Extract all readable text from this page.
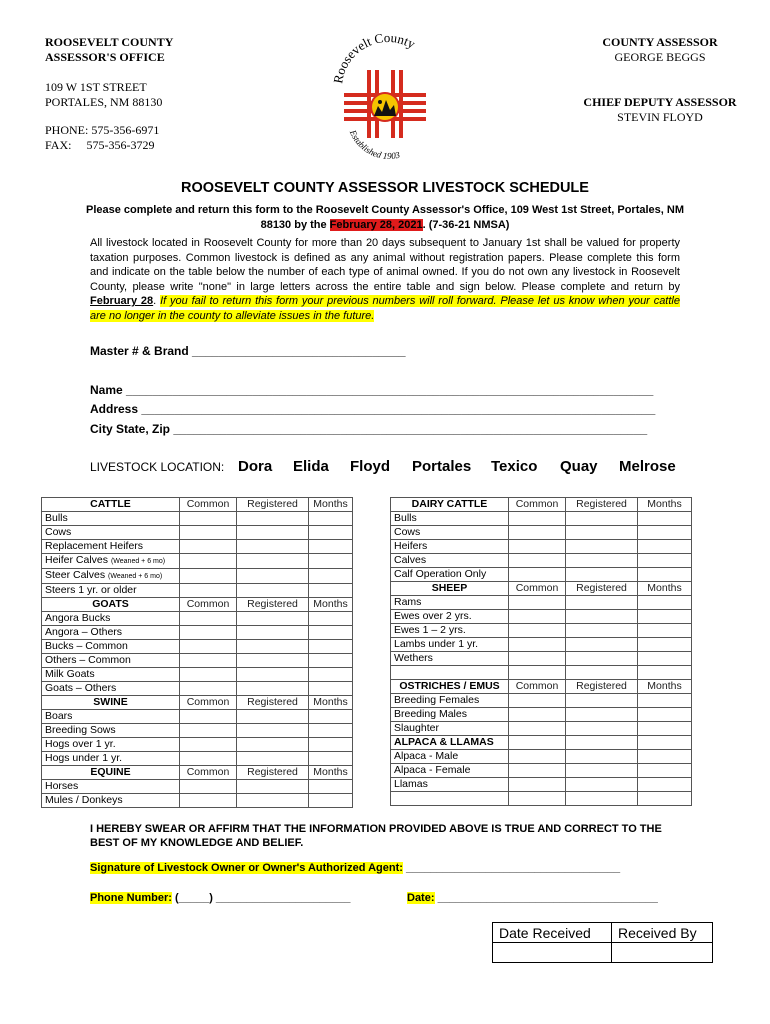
ROOSEVELT COUNTY
ASSESSOR'S OFFICE
109 W 1ST STREET
PORTALES, NM 88130
PHONE: 575-356-6971
FAX:     575-356-3729
COUNTY ASSESSOR
GEORGE BEGGS
CHIEF DEPUTY ASSESSOR
STEVIN FLOYD
Roosevelt County
Established 1903
ROOSEVELT COUNTY ASSESSOR LIVESTOCK SCHEDULE
Please complete and return this form to the Roosevelt County Assessor's Office, 109 West 1st Street, Portales, NM 88130 by the February 28, 2021. (7-36-21 NMSA)
All livestock located in Roosevelt County for more than 20 days subsequent to January 1st shall be valued for property taxation purposes. Common livestock is defined as any animal without registration papers. Please complete this form and indicate on the table below the number of each type of animal owned. If you do not own any livestock in Roosevelt County, please write "none" in large letters across the entire table and sign below. Please complete and return by February 28. If you fail to return this form your previous numbers will roll forward. Please let us know when your cattle are no longer in the county to alleviate issues in the future.
Master # & Brand ________________________________
Name _______________________________________________________________________________
Address _____________________________________________________________________________
City State, Zip _______________________________________________________________________
LIVESTOCK LOCATION: Dora Elida Floyd Portales Texico Quay Melrose
CATTLE	Common	Registered	Months
Bulls			
Cows			
Replacement Heifers			
Heifer Calves (Weaned + 6 mo)			
Steer Calves (Weaned + 6 mo)			
Steers 1 yr. or older			
GOATS	Common	Registered	Months
Angora Bucks			
Angora – Others			
Bucks – Common			
Others – Common			
Milk Goats			
Goats – Others			
SWINE	Common	Registered	Months
Boars			
Breeding Sows			
Hogs over 1 yr.			
Hogs under 1 yr.			
EQUINE	Common	Registered	Months
Horses			
Mules / Donkeys			
DAIRY CATTLE	Common	Registered	Months
Bulls			
Cows			
Heifers			
Calves			
Calf Operation Only			
SHEEP	Common	Registered	Months
Rams			
Ewes over 2 yrs.			
Ewes 1 – 2 yrs.			
Lambs under 1 yr.			
Wethers			

OSTRICHES / EMUS	Common	Registered	Months
Breeding Females			
Breeding Males			
Slaughter			
ALPACA & LLAMAS			
Alpaca - Male			
Alpaca - Female			
Llamas			

I HEREBY SWEAR OR AFFIRM THAT THE INFORMATION PROVIDED ABOVE IS TRUE AND CORRECT TO THE BEST OF MY KNOWLEDGE AND BELIEF.
Signature of Livestock Owner or Owner's Authorized Agent: ___________________________________
Phone Number: (_____) ______________________	Date: ____________________________________
Date Received	Received By
